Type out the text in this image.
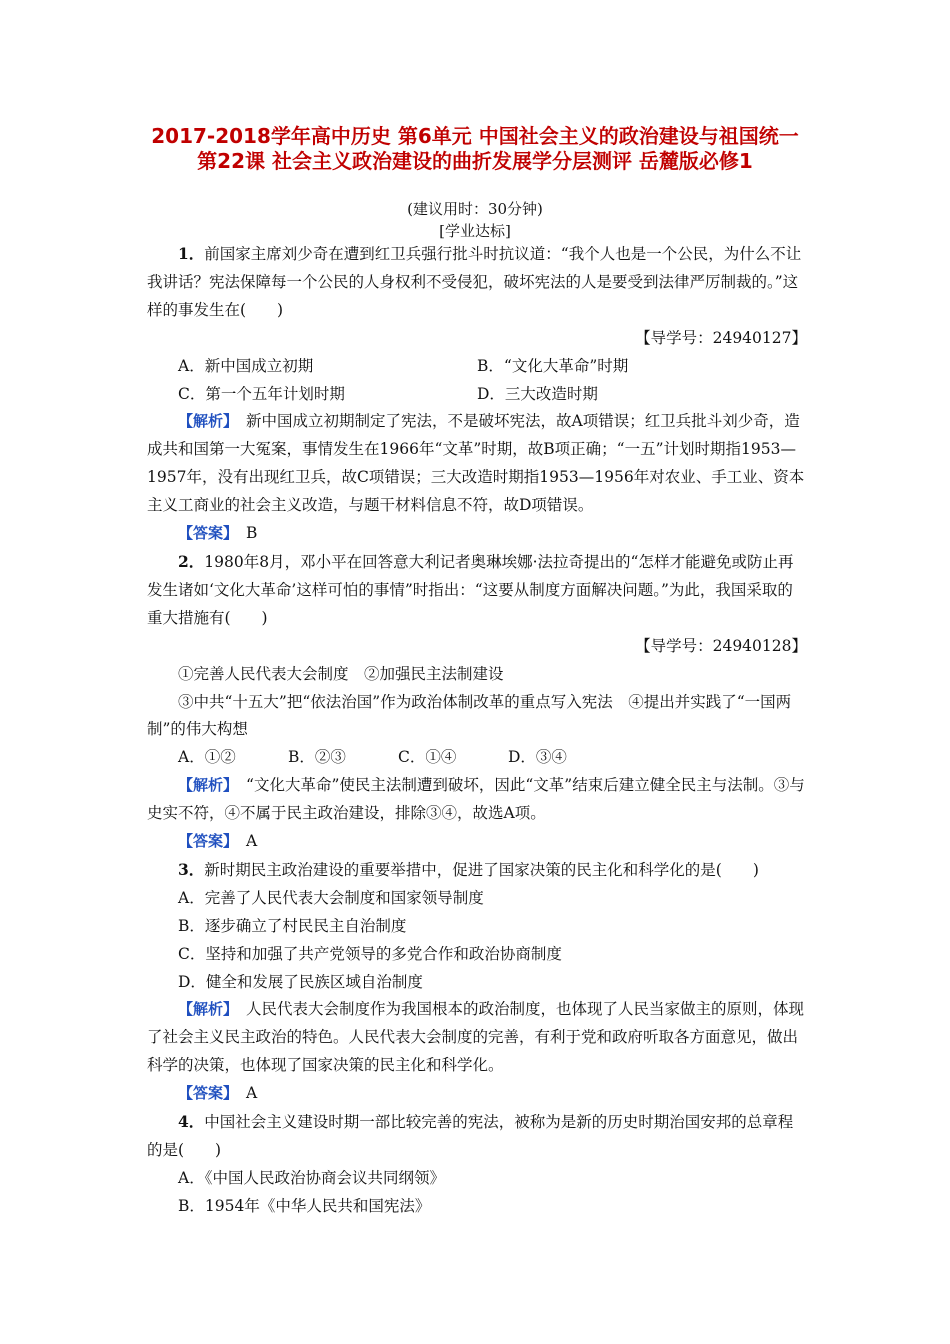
2017-2018学年高中历史 第6单元 中国社会主义的政治建设与祖国统一 第22课 社会主义政治建设的曲折发展学分层测评 岳麓版必修1
(建议用时：30分钟)
[学业达标]

1．前国家主席刘少奇在遭到红卫兵强行批斗时抗议道：“我个人也是一个公民，为什么不让我讲话？宪法保障每一个公民的人身权利不受侵犯，破坏宪法的人是要受到法律严厉制裁的。”这样的事发生在(　　)

【导学号：24940127】

A．新中国成立初期	B．“文化大革命”时期
C．第一个五年计划时期	D．三大改造时期

【解析】　新中国成立初期制定了宪法，不是破坏宪法，故A项错误；红卫兵批斗刘少奇，造成共和国第一大冤案，事情发生在1966年“文革”时期，故B项正确；“一五”计划时期指1953—1957年，没有出现红卫兵，故C项错误；三大改造时期指1953—1956年对农业、手工业、资本主义工商业的社会主义改造，与题干材料信息不符，故D项错误。

【答案】　B

2．1980年8月，邓小平在回答意大利记者奥琳埃娜·法拉奇提出的“怎样才能避免或防止再发生诸如‘文化大革命’这样可怕的事情”时指出：“这要从制度方面解决问题。”为此，我国采取的重大措施有(　　)

【导学号：24940128】

①完善人民代表大会制度　②加强民主法制建设

③中共“十五大”把“依法治国”作为政治体制改革的重点写入宪法　④提出并实践了“一国两制”的伟大构想

A．①②	B．②③	C．①④	D．③④

【解析】　“文化大革命”使民主法制遭到破坏，因此“文革”结束后建立健全民主与法制。③与史实不符，④不属于民主政治建设，排除③④，故选A项。

【答案】　A

3．新时期民主政治建设的重要举措中，促进了国家决策的民主化和科学化的是(　　)

A．完善了人民代表大会制度和国家领导制度

B．逐步确立了村民民主自治制度

C．坚持和加强了共产党领导的多党合作和政治协商制度

D．健全和发展了民族区域自治制度

【解析】　人民代表大会制度作为我国根本的政治制度，也体现了人民当家做主的原则，体现了社会主义民主政治的特色。人民代表大会制度的完善，有利于党和政府听取各方面意见，做出科学的决策，也体现了国家决策的民主化和科学化。

【答案】　A

4．中国社会主义建设时期一部比较完善的宪法，被称为是新的历史时期治国安邦的总章程的是(　　)

A．《中国人民政治协商会议共同纲领》

B．1954年《中华人民共和国宪法》
